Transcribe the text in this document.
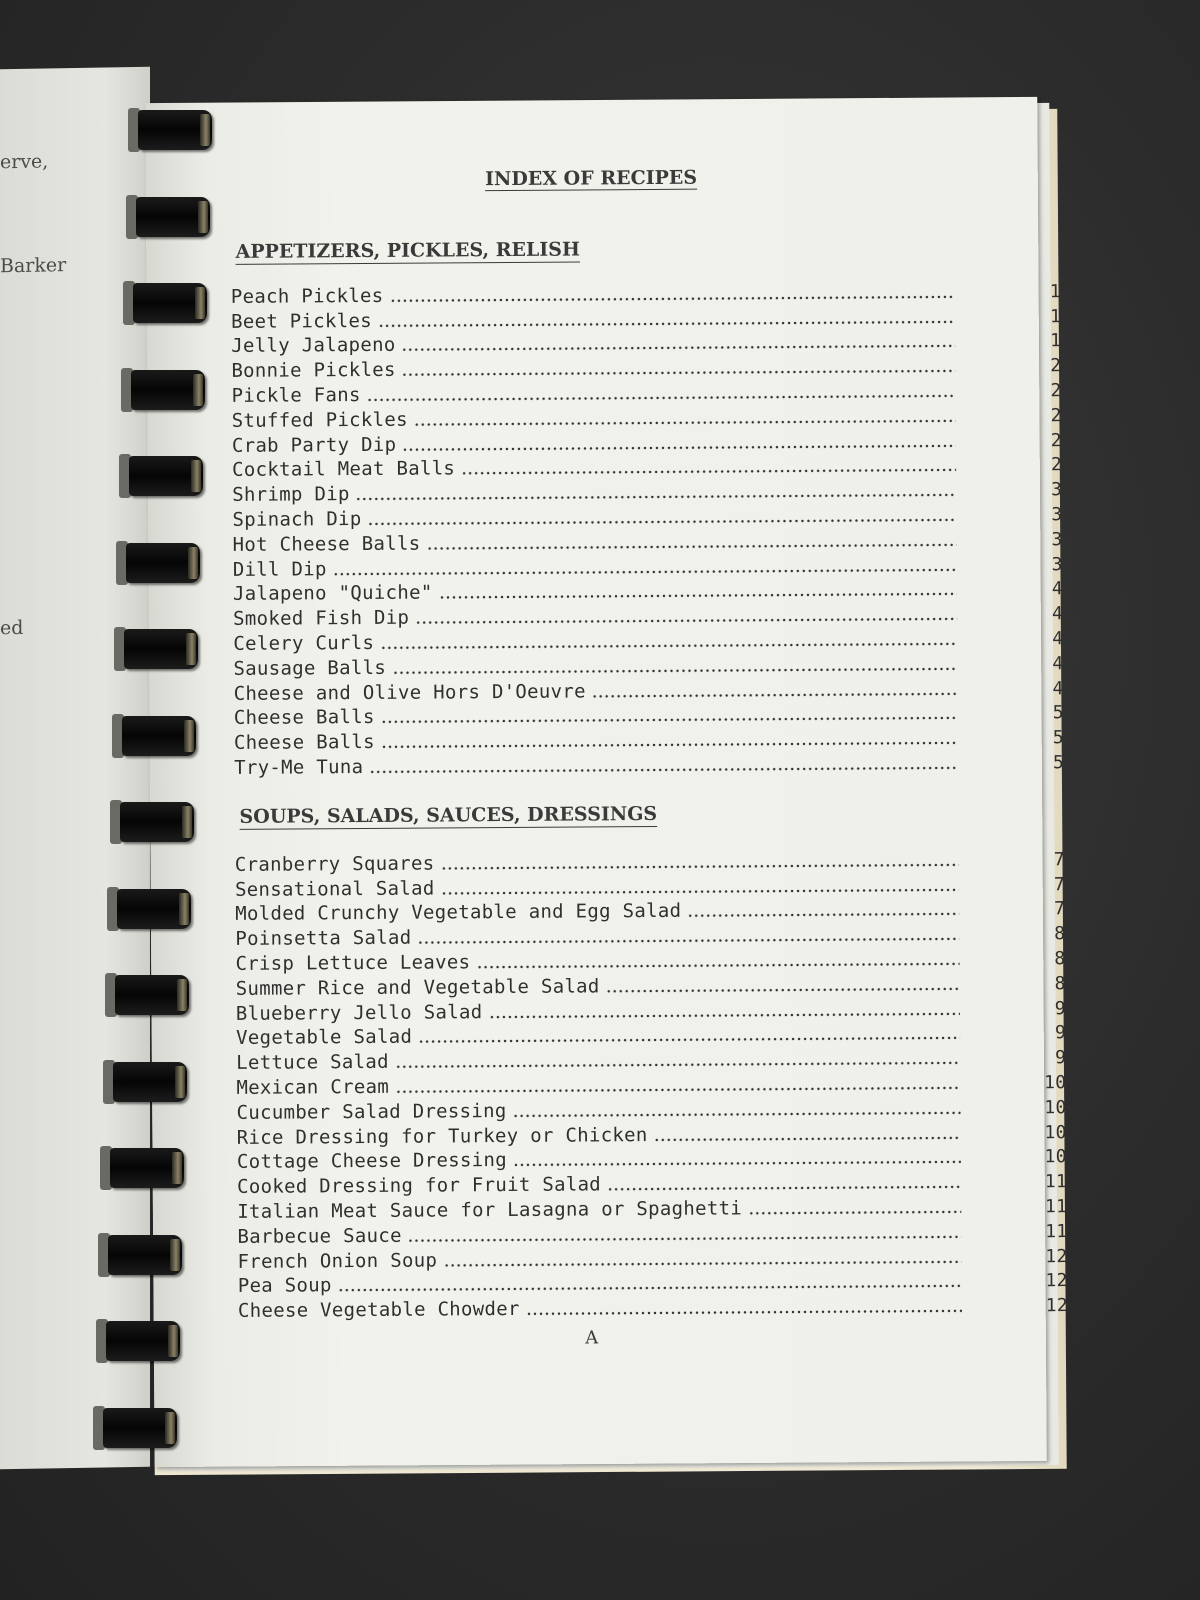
erve,
Barker
ed
INDEX OF RECIPES
APPETIZERS, PICKLES, RELISH
Peach Pickles	1
Beet Pickles	1
Jelly Jalapeno	1
Bonnie Pickles	2
Pickle Fans	2
Stuffed Pickles	2
Crab Party Dip	2
Cocktail Meat Balls	2
Shrimp Dip	3
Spinach Dip	3
Hot Cheese Balls	3
Dill Dip	3
Jalapeno "Quiche"	4
Smoked Fish Dip	4
Celery Curls	4
Sausage Balls	4
Cheese and Olive Hors D'Oeuvre	4
Cheese Balls	5
Cheese Balls	5
Try-Me Tuna	5
SOUPS, SALADS, SAUCES, DRESSINGS
Cranberry Squares	7
Sensational Salad	7
Molded Crunchy Vegetable and Egg Salad	7
Poinsetta Salad	8
Crisp Lettuce Leaves	8
Summer Rice and Vegetable Salad	8
Blueberry Jello Salad	9
Vegetable Salad	9
Lettuce Salad	9
Mexican Cream	10
Cucumber Salad Dressing	10
Rice Dressing for Turkey or Chicken	10
Cottage Cheese Dressing	10
Cooked Dressing for Fruit Salad	11
Italian Meat Sauce for Lasagna or Spaghetti	11
Barbecue Sauce	11
French Onion Soup	12
Pea Soup	12
Cheese Vegetable Chowder	12
A
